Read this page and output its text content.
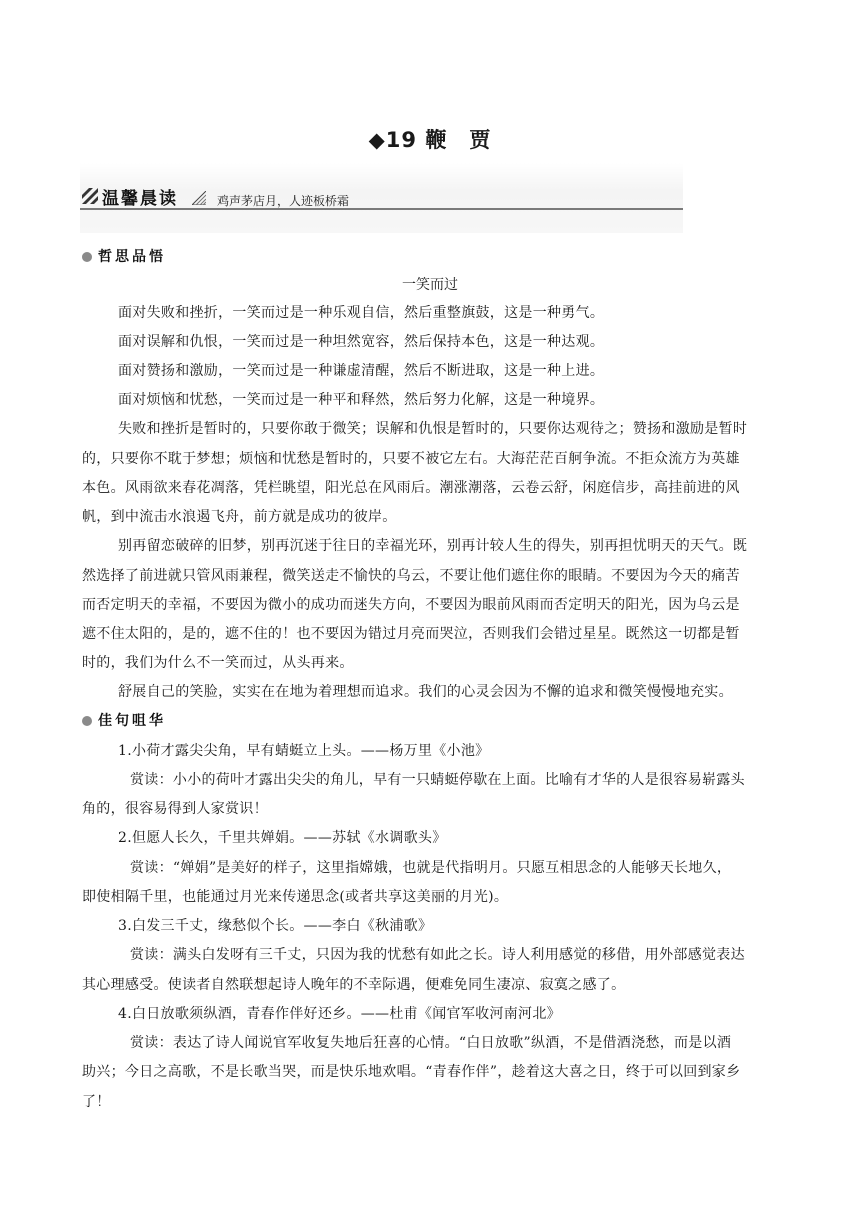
◆19 鞭　贾
温馨晨读	鸡声茅店月，人迹板桥霜
哲思品悟
一笑而过
面对失败和挫折，一笑而过是一种乐观自信，然后重整旗鼓，这是一种勇气。
面对误解和仇恨，一笑而过是一种坦然宽容，然后保持本色，这是一种达观。
面对赞扬和激励，一笑而过是一种谦虚清醒，然后不断进取，这是一种上进。
面对烦恼和忧愁，一笑而过是一种平和释然，然后努力化解，这是一种境界。
失败和挫折是暂时的，只要你敢于微笑；误解和仇恨是暂时的，只要你达观待之；赞扬和激励是暂时
的，只要你不耽于梦想；烦恼和忧愁是暂时的，只要不被它左右。大海茫茫百舸争流。不拒众流方为英雄
本色。风雨欲来春花凋落，凭栏眺望，阳光总在风雨后。潮涨潮落，云卷云舒，闲庭信步，高挂前进的风
帆，到中流击水浪遏飞舟，前方就是成功的彼岸。
别再留恋破碎的旧梦，别再沉迷于往日的幸福光环，别再计较人生的得失，别再担忧明天的天气。既
然选择了前进就只管风雨兼程，微笑送走不愉快的乌云，不要让他们遮住你的眼睛。不要因为今天的痛苦
而否定明天的幸福，不要因为微小的成功而迷失方向，不要因为眼前风雨而否定明天的阳光，因为乌云是
遮不住太阳的，是的，遮不住的！也不要因为错过月亮而哭泣，否则我们会错过星星。既然这一切都是暂
时的，我们为什么不一笑而过，从头再来。
舒展自己的笑脸，实实在在地为着理想而追求。我们的心灵会因为不懈的追求和微笑慢慢地充实。
佳句咀华
1.小荷才露尖尖角，早有蜻蜓立上头。——杨万里《小池》
赏读：小小的荷叶才露出尖尖的角儿，早有一只蜻蜓停歇在上面。比喻有才华的人是很容易崭露头
角的，很容易得到人家赏识！
2.但愿人长久，千里共婵娟。——苏轼《水调歌头》
赏读：“婵娟”是美好的样子，这里指嫦娥，也就是代指明月。只愿互相思念的人能够天长地久，
即使相隔千里，也能通过月光来传递思念(或者共享这美丽的月光)。
3.白发三千丈，缘愁似个长。——李白《秋浦歌》
赏读：满头白发呀有三千丈，只因为我的忧愁有如此之长。诗人利用感觉的移借，用外部感觉表达
其心理感受。使读者自然联想起诗人晚年的不幸际遇，便难免同生凄凉、寂寞之感了。
4.白日放歌须纵酒，青春作伴好还乡。——杜甫《闻官军收河南河北》
赏读：表达了诗人闻说官军收复失地后狂喜的心情。“白日放歌”纵酒，不是借酒浇愁，而是以酒
助兴；今日之高歌，不是长歌当哭，而是快乐地欢唱。“青春作伴”，趁着这大喜之日，终于可以回到家乡
了！
